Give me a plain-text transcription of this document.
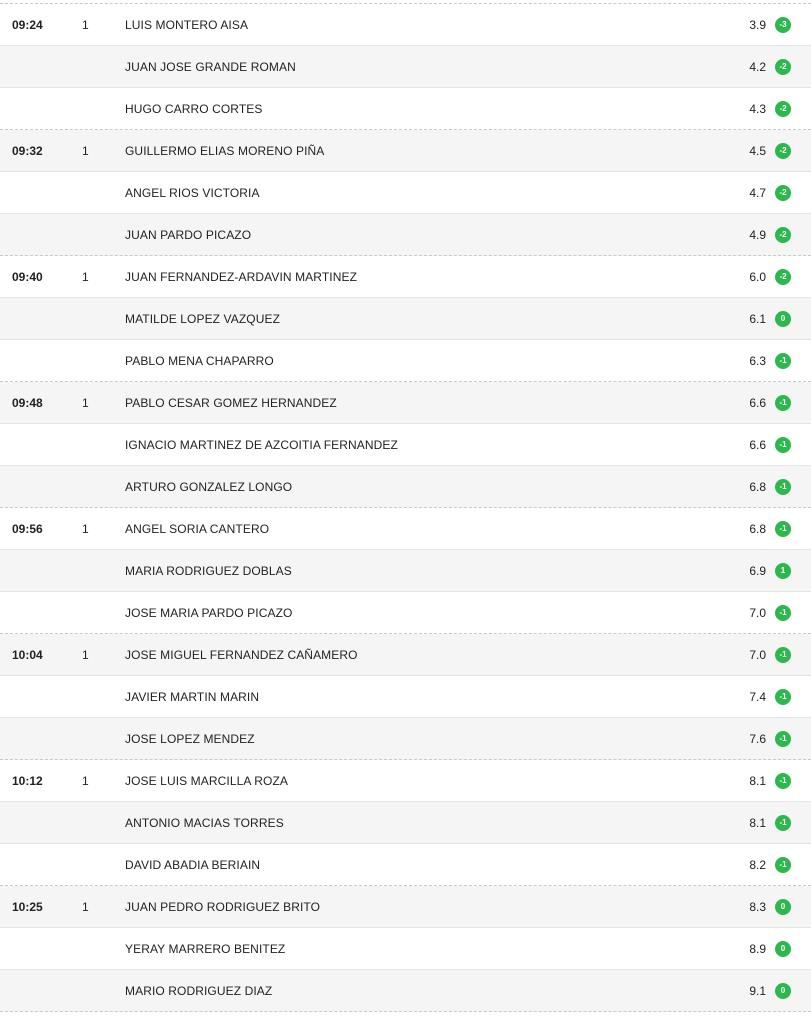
09:24	1	LUIS MONTERO AISA	3.9	-3
JUAN JOSE GRANDE ROMAN	4.2	-2
HUGO CARRO CORTES	4.3	-2
09:32	1	GUILLERMO ELIAS MORENO PIÑA	4.5	-2
ANGEL RIOS VICTORIA	4.7	-2
JUAN PARDO PICAZO	4.9	-2
09:40	1	JUAN FERNANDEZ-ARDAVIN MARTINEZ	6.0	-2
MATILDE LOPEZ VAZQUEZ	6.1	0
PABLO MENA CHAPARRO	6.3	-1
09:48	1	PABLO CESAR GOMEZ HERNANDEZ	6.6	-1
IGNACIO MARTINEZ DE AZCOITIA FERNANDEZ	6.6	-1
ARTURO GONZALEZ LONGO	6.8	-1
09:56	1	ANGEL SORIA CANTERO	6.8	-1
MARIA RODRIGUEZ DOBLAS	6.9	1
JOSE MARIA PARDO PICAZO	7.0	-1
10:04	1	JOSE MIGUEL FERNANDEZ CAÑAMERO	7.0	-1
JAVIER MARTIN MARIN	7.4	-1
JOSE LOPEZ MENDEZ	7.6	-1
10:12	1	JOSE LUIS MARCILLA ROZA	8.1	-1
ANTONIO MACIAS TORRES	8.1	-1
DAVID ABADIA BERIAIN	8.2	-1
10:25	1	JUAN PEDRO RODRIGUEZ BRITO	8.3	0
YERAY MARRERO BENITEZ	8.9	0
MARIO RODRIGUEZ DIAZ	9.1	0
